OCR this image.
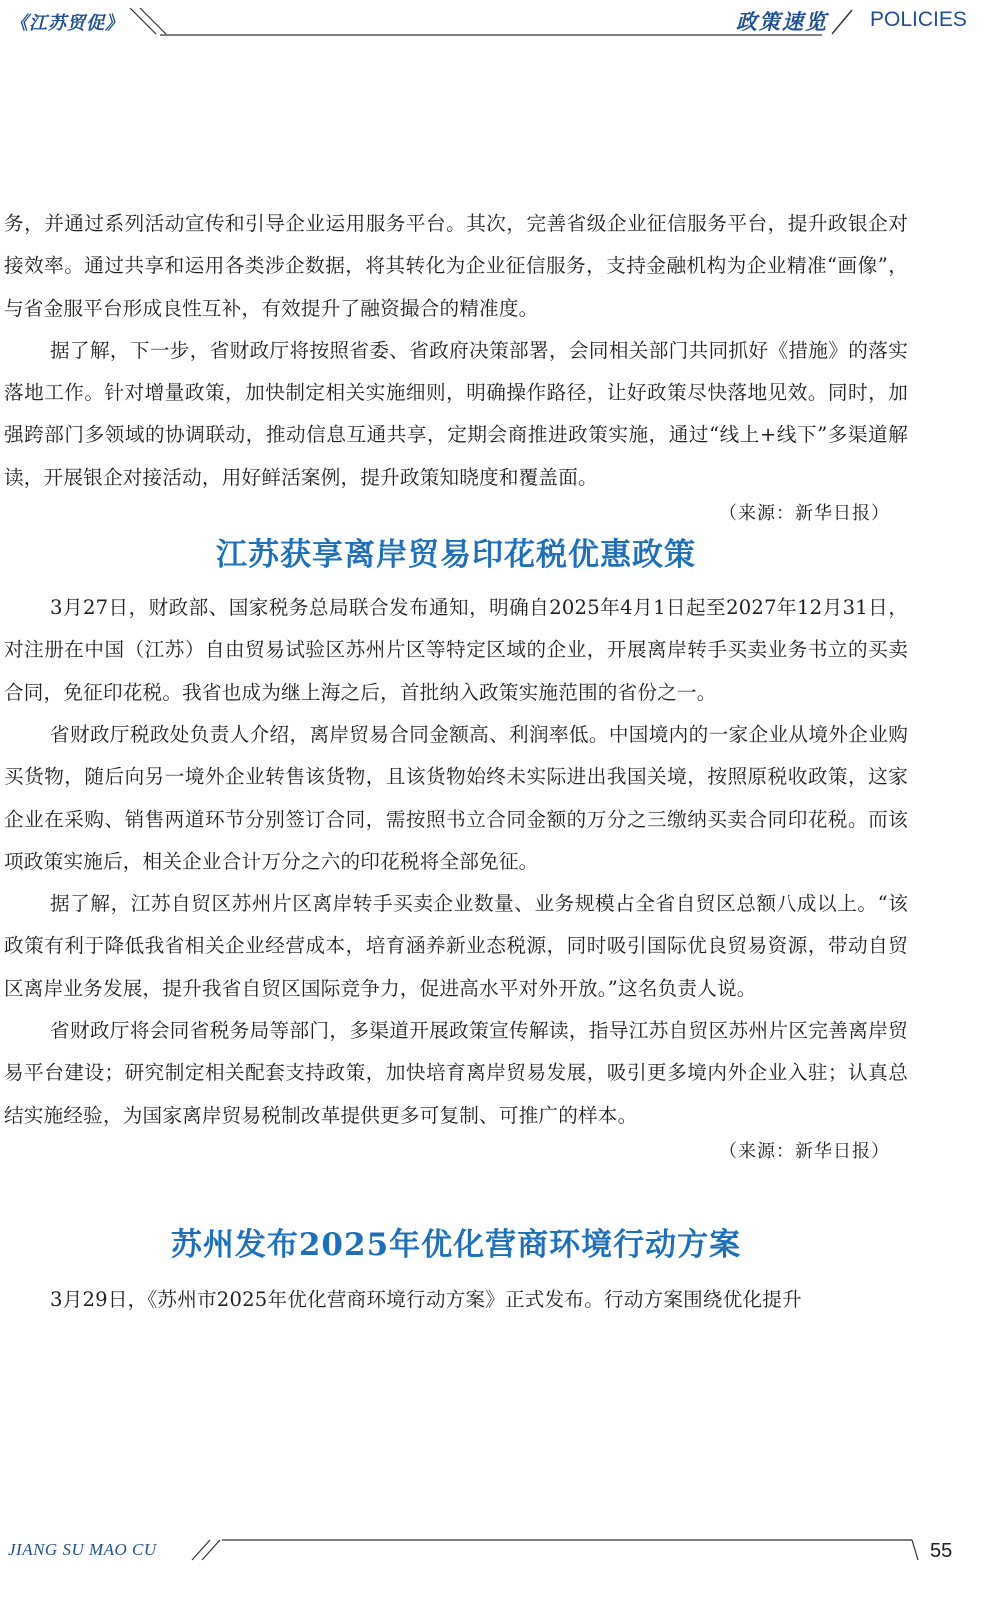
《江苏贸促》	政策速览 POLICIES

务，并通过系列活动宣传和引导企业运用服务平台。其次，完善省级企业征信服务平台，提升政银企对接效率。通过共享和运用各类涉企数据，将其转化为企业征信服务，支持金融机构为企业精准“画像”，与省金服平台形成良性互补，有效提升了融资撮合的精准度。

据了解，下一步，省财政厅将按照省委、省政府决策部署，会同相关部门共同抓好《措施》的落实落地工作。针对增量政策，加快制定相关实施细则，明确操作路径，让好政策尽快落地见效。同时，加强跨部门多领域的协调联动，推动信息互通共享，定期会商推进政策实施，通过“线上+线下”多渠道解读，开展银企对接活动，用好鲜活案例，提升政策知晓度和覆盖面。

（来源：新华日报）
江苏获享离岸贸易印花税优惠政策

3月27日，财政部、国家税务总局联合发布通知，明确自2025年4月1日起至2027年12月31日，对注册在中国（江苏）自由贸易试验区苏州片区等特定区域的企业，开展离岸转手买卖业务书立的买卖合同，免征印花税。我省也成为继上海之后，首批纳入政策实施范围的省份之一。

省财政厅税政处负责人介绍，离岸贸易合同金额高、利润率低。中国境内的一家企业从境外企业购买货物，随后向另一境外企业转售该货物，且该货物始终未实际进出我国关境，按照原税收政策，这家企业在采购、销售两道环节分别签订合同，需按照书立合同金额的万分之三缴纳买卖合同印花税。而该项政策实施后，相关企业合计万分之六的印花税将全部免征。

据了解，江苏自贸区苏州片区离岸转手买卖企业数量、业务规模占全省自贸区总额八成以上。“该政策有利于降低我省相关企业经营成本，培育涵养新业态税源，同时吸引国际优良贸易资源，带动自贸区离岸业务发展，提升我省自贸区国际竞争力，促进高水平对外开放。”这名负责人说。

省财政厅将会同省税务局等部门，多渠道开展政策宣传解读，指导江苏自贸区苏州片区完善离岸贸易平台建设；研究制定相关配套支持政策，加快培育离岸贸易发展，吸引更多境内外企业入驻；认真总结实施经验，为国家离岸贸易税制改革提供更多可复制、可推广的样本。

（来源：新华日报）
苏州发布2025年优化营商环境行动方案

3月29日，《苏州市2025年优化营商环境行动方案》正式发布。行动方案围绕优化提升

JIANG SU MAO CU	55
